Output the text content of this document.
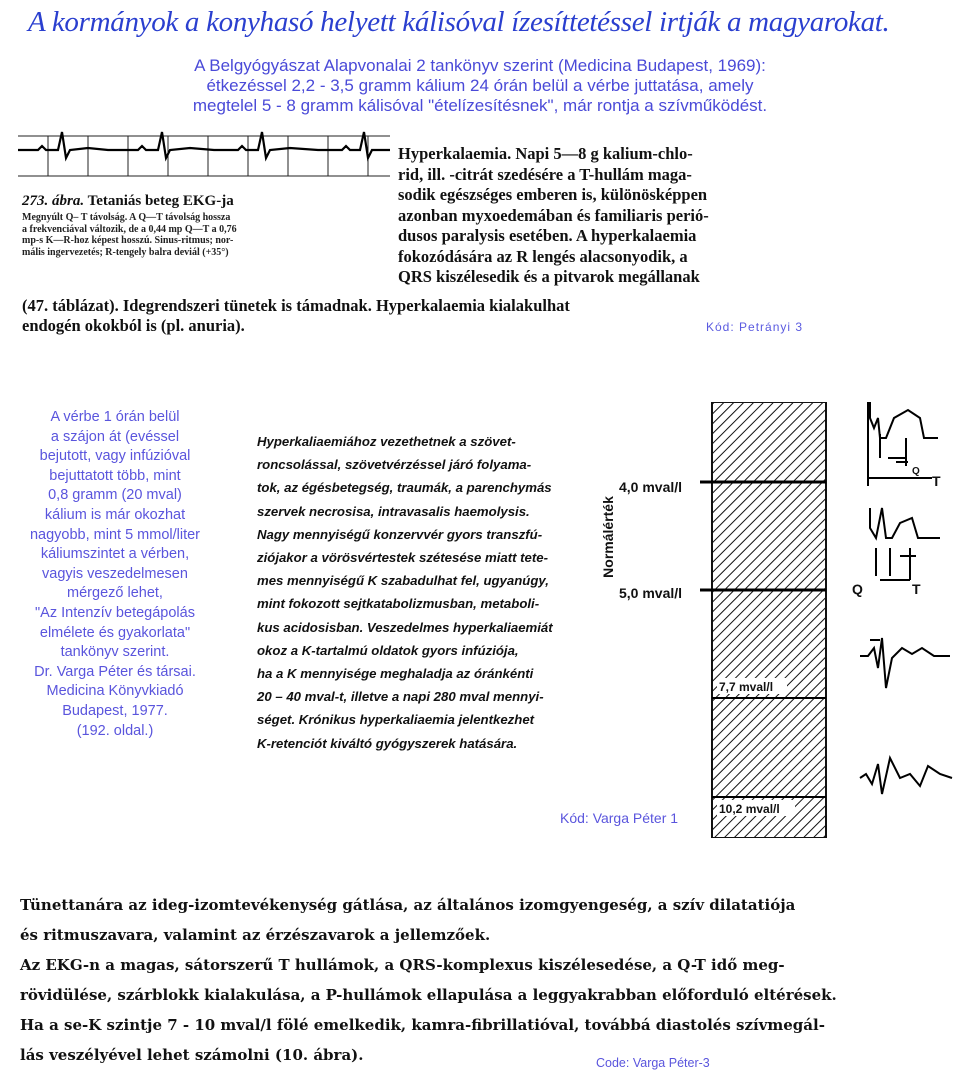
A kormányok a konyhasó helyett kálisóval ízesíttetéssel irtják a magyarokat.
A Belgyógyászat Alapvonalai 2 tankönyv szerint (Medicina Budapest, 1969):
étkezéssel 2,2 - 3,5 gramm kálium 24 órán belül a vérbe juttatása, amely
megtelel 5 - 8 gramm kálisóval "ételízesítésnek", már rontja a szívműködést.
273. ábra. Tetaniás beteg EKG-ja
Megnyúlt Q– T távolság. A Q—T távolság hossza
a frekvenciával változik, de a 0,44 mp Q—T a 0,76
mp-s K—R-hoz képest hosszú. Sinus-ritmus; nor-
mális ingervezetés; R-tengely balra deviál (+35°)
Hyperkalaemia. Napi 5—8 g kalium-chlo-
rid, ill. -citrát szedésére a T-hullám maga-
sodik egészséges emberen is, különösképpen
azonban myxoedemában és familiaris perió-
dusos paralysis esetében. A hyperkalaemia
fokozódására az R lengés alacsonyodik, a
QRS kiszélesedik és a pitvarok megállanak
(47. táblázat). Idegrendszeri tünetek is támadnak. Hyperkalaemia kialakulhat
endogén okokból is (pl. anuria).	Kód: Petrányi 3
A vérbe 1 órán belül
a szájon át (evéssel
bejutott, vagy infúzióval
bejuttatott több, mint
0,8 gramm (20 mval)
kálium is már okozhat
nagyobb, mint 5 mmol/liter
káliumszintet a vérben,
vagyis veszedelmesen
mérgező lehet,
"Az Intenzív betegápolás
elmélete és gyakorlata"
tankönyv szerint.
Dr. Varga Péter és társai.
Medicina Könyvkiadó
Budapest, 1977.
(192. oldal.)
Hyperkaliaemiához vezethetnek a szövet-
roncsolással, szövetvérzéssel járó folyama-
tok, az égésbetegség, traumák, a parenchymás
szervek necrosisa, intravasalis haemolysis.
Nagy mennyiségű konzervvér gyors transzfú-
ziójakor a vörösvértestek szétesése miatt tete-
mes mennyiségű K szabadulhat fel, ugyanúgy,
mint fokozott sejtkatabolizmusban, metaboli-
kus acidosisban. Veszedelmes hyperkaliaemiát
okoz a K-tartalmú oldatok gyors infúziója,
ha a K mennyisége meghaladja az óránkénti
20 – 40 mval-t, illetve a napi 280 mval mennyi-
séget. Krónikus hyperkaliaemia jelentkezhet
K-retenciót kiváltó gyógyszerek hatására.
Kód: Varga Péter 1
Normálérték
4,0 mval/l
5,0 mval/l
7,7 mval/l
10,2 mval/l
T
Q	T
Q
Tünettanára az ideg-izomtevékenység gátlása, az általános izomgyengeség, a szív dilatatiója
és ritmuszavara, valamint az érzészavarok a jellemzőek.
Az EKG-n a magas, sátorszerű T hullámok, a QRS-komplexus kiszélesedése, a Q-T idő meg-
rövidülése, szárblokk kialakulása, a P-hullámok ellapulása a leggyakrabban előforduló eltérések.
Ha a se-K szintje 7 - 10 mval/l fölé emelkedik, kamra-fibrillatióval, továbbá diastolés szívmegál-
lás veszélyével lehet számolni (10. ábra).	Code: Varga Péter-3
